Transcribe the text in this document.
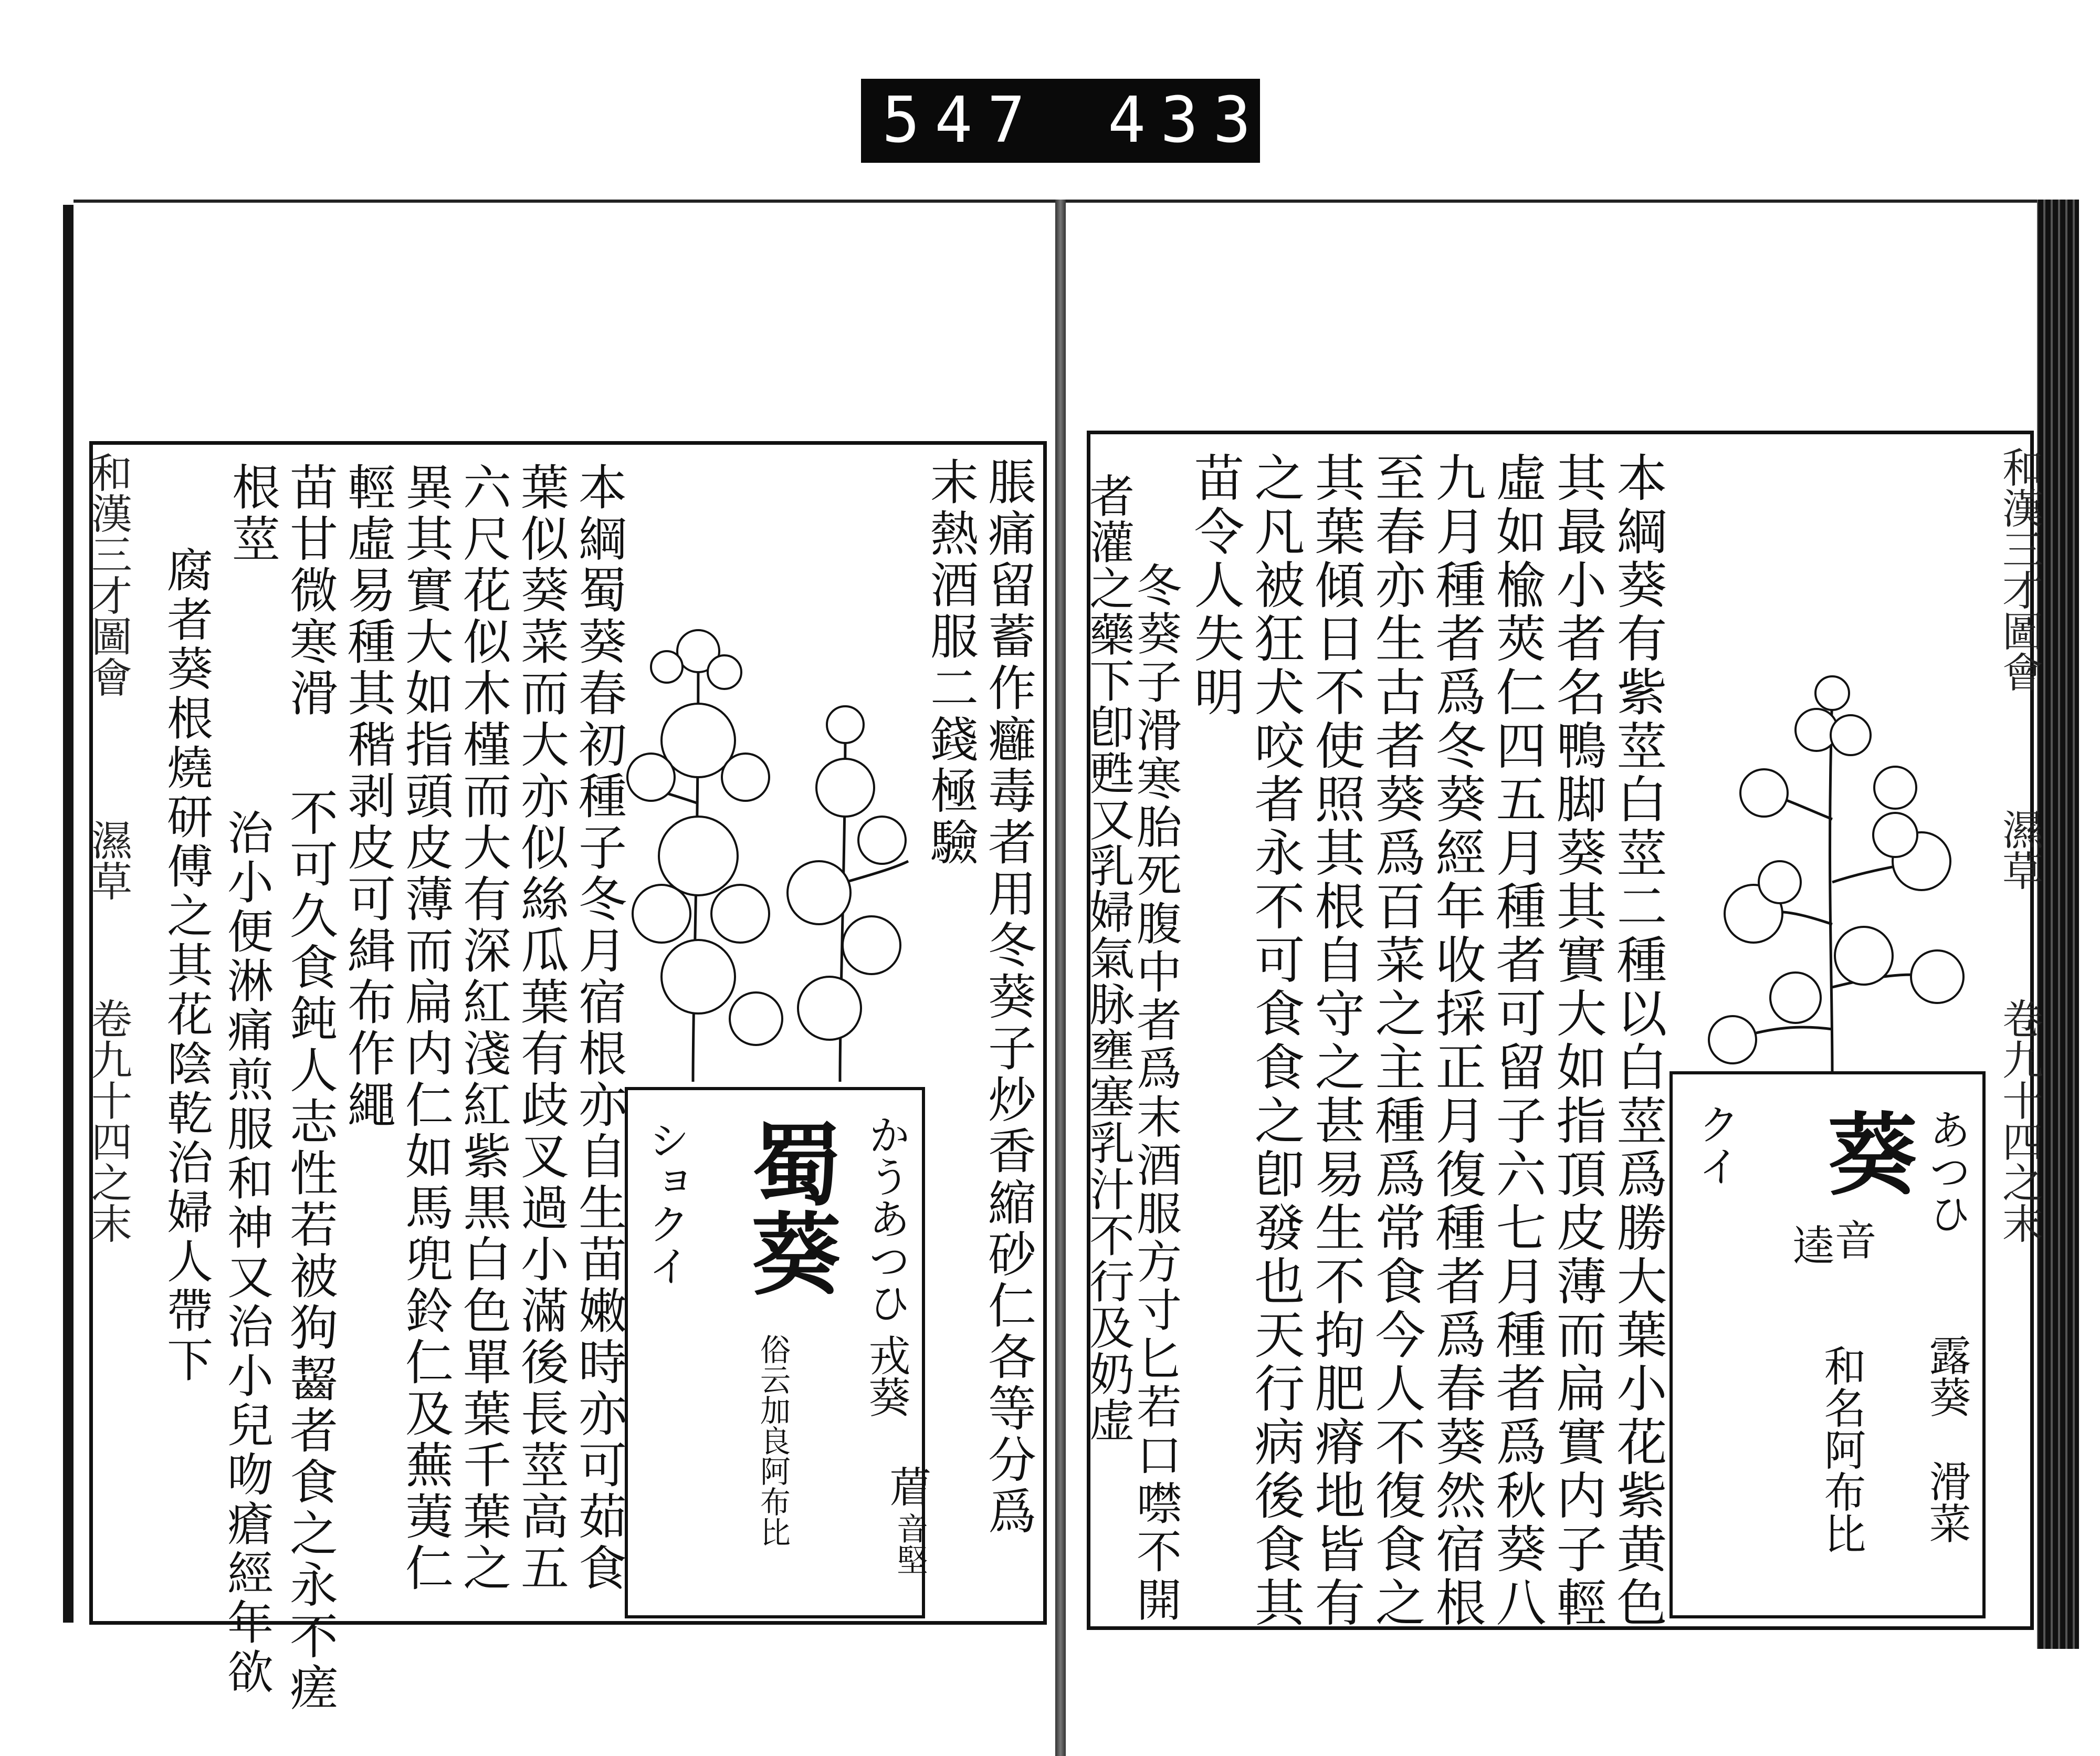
547 433
和漢三才圖會
濕草
卷九十四之末
あつひ
葵
音
逵
クイ
露葵　滑菜
和名阿布比
本綱葵有紫莖白莖二種以白莖爲勝大葉小花紫黄色
其最小者名鴨脚葵其實大如指頂皮薄而扁實内子輕
虛如楡莢仁四五月種者可留子六七月種者爲秋葵八
九月種者爲冬葵經年收採正月復種者爲春葵然宿根
至春亦生古者葵爲百菜之主種爲常食今人不復食之
其葉傾日不使照其根自守之甚易生不拘肥瘠地皆有
之凡被狂犬咬者永不可食食之卽發也天行病後食其
苗令人失明
冬葵子滑寒胎死腹中者爲末酒服方寸匕若口噤不開
者灌之藥下卽甦又乳婦氣脉壅塞乳汁不行及奶虚
和漢三才圖會
濕草
卷九十四之末	脹痛留蓄作癰毒者用冬葵子炒香縮砂仁各等分爲
末熱酒服二錢極驗
かうあつひ
蜀葵
ショクイ
戎葵
俗云加良阿布比 葿
音堅
本綱蜀葵春初種子冬月宿根亦自生苗嫩時亦可茹食
葉似葵菜而大亦似絲瓜葉有歧叉過小滿後長莖高五
六尺花似木槿而大有深紅淺紅紫黒白色單葉千葉之
異其實大如指頭皮薄而扁内仁如馬兜鈴仁及蕪荑仁
輕虛易種其稭剥皮可緝布作繩
苗甘微寒滑
不可久食鈍人志性若被狗齧者食之永不瘥
根莖
治小便淋痛煎服和神又治小兒吻瘡經年欲
腐者葵根燒研傅之其花陰乾治婦人帶下
